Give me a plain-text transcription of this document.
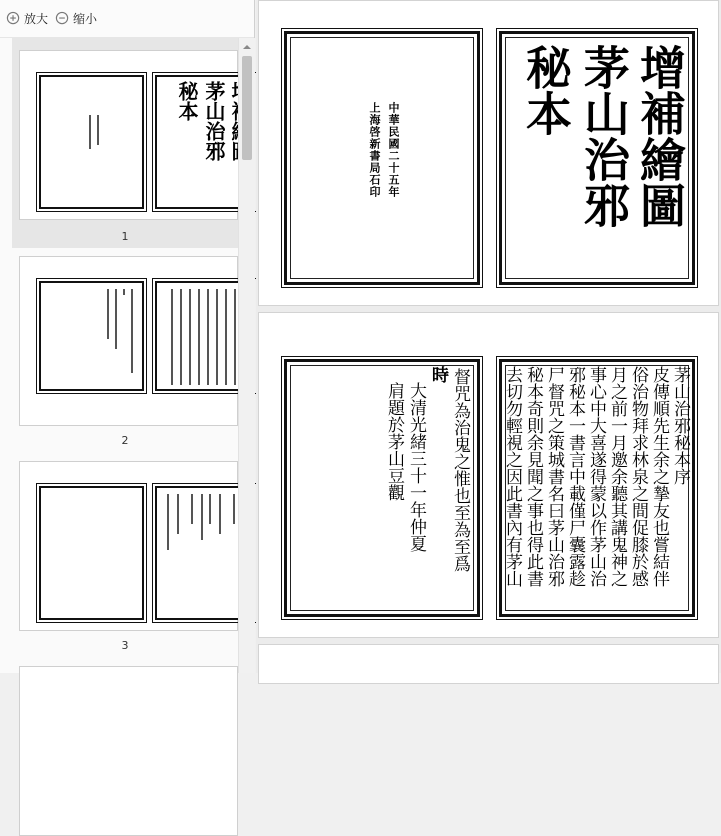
放大 缩小
茅山治邪
秘本
1
2
3
中華民國二十五年
上海啓新書局石印	增補繪圖
茅山治邪
秘本
督咒為治鬼之惟也至為至爲
時
大清光緒三十一年仲夏
肩題於茅山豆觀	茅山治邪秘本序
皮傳順先生余之摯友也嘗結伴
俗治物拜求林泉之間促膝於感
月之前一月邀余聽其講鬼神之
事心中大喜遂得蒙以作茅山治
邪秘本一書言中載僅尸囊露趁
尸督咒之策城書名曰茅山治邪
秘本奇則余見聞之事也得此書
去切勿輕視之因此書內有茅山
